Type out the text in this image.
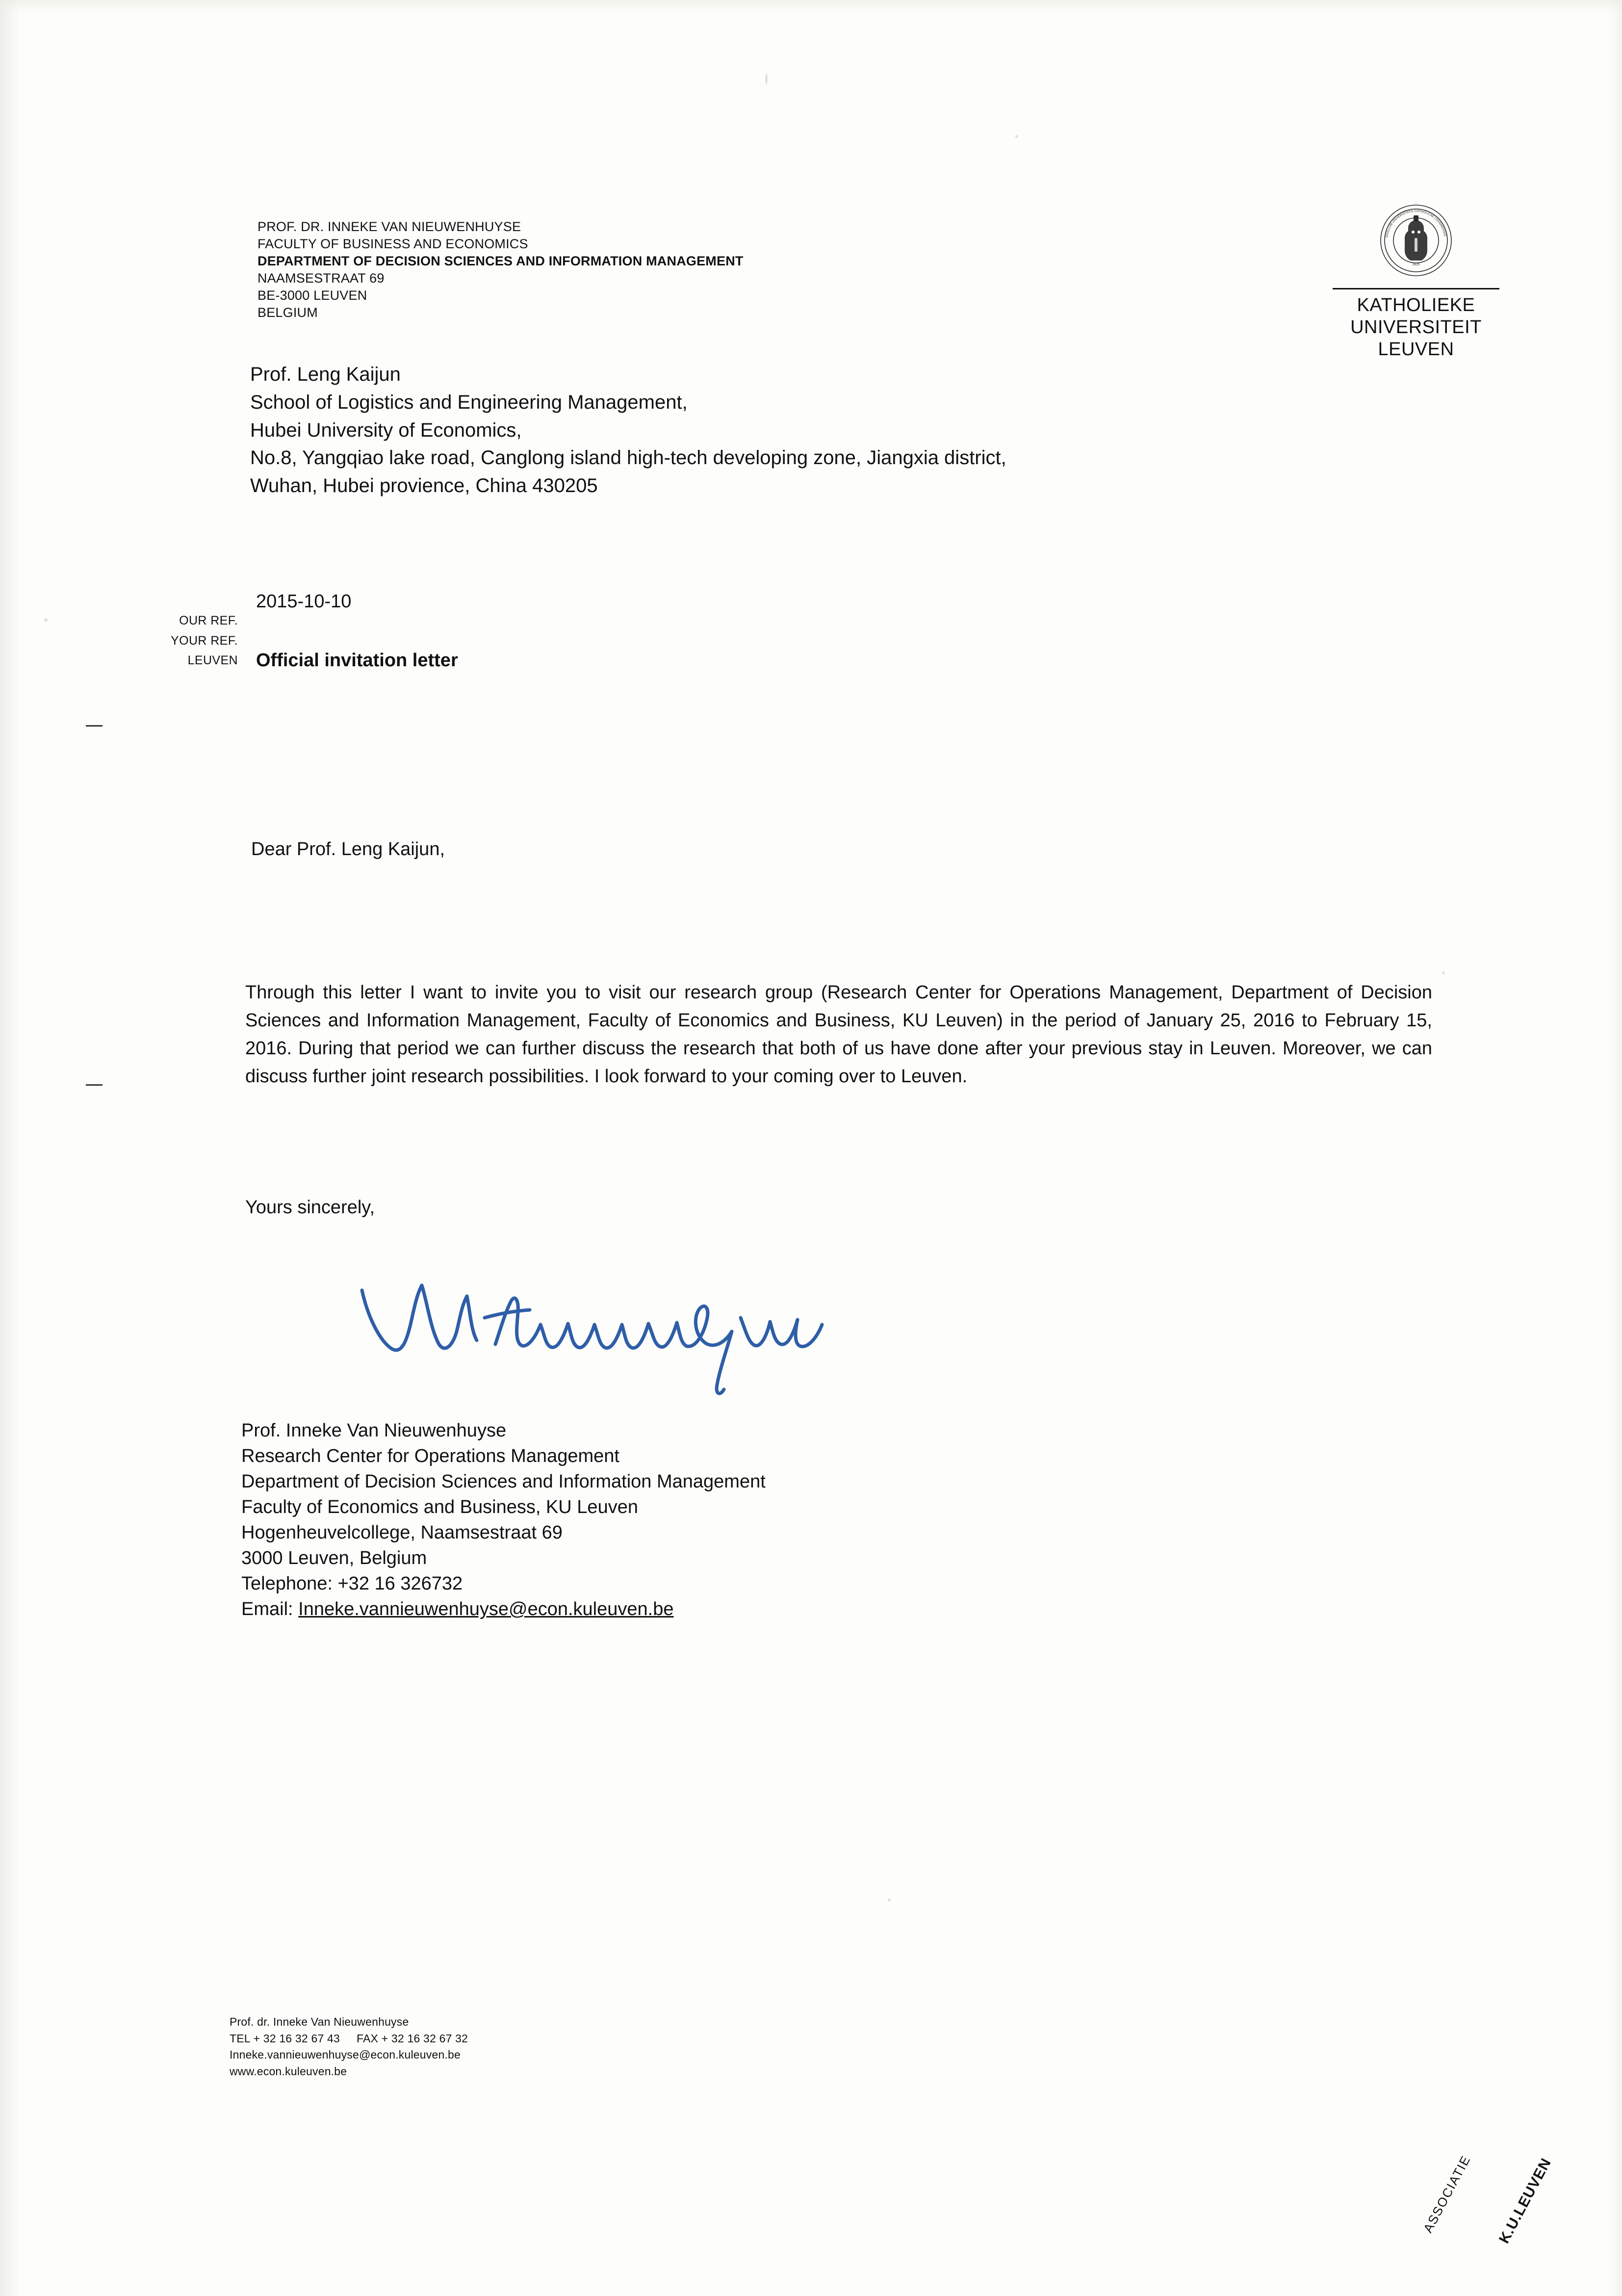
PROF. DR. INNEKE VAN NIEUWENHUYSE
FACULTY OF BUSINESS AND ECONOMICS
DEPARTMENT OF DECISION SCIENCES AND INFORMATION MANAGEMENT
NAAMSESTRAAT 69
BE-3000 LEUVEN
BELGIUM
1425
SIGILLUM UNIVERSITATIS CATHOLICAE LOVANIENSIS
KATHOLIEKE
UNIVERSITEIT
LEUVEN
Prof. Leng Kaijun
School of Logistics and Engineering Management,
Hubei University of Economics,
No.8, Yangqiao lake road, Canglong island high-tech developing zone, Jiangxia district,
Wuhan, Hubei provience, China 430205
2015-10-10
OUR REF.
YOUR REF.
LEUVEN Official invitation letter
Dear Prof. Leng Kaijun,
Through this letter I want to invite you to visit our research group (Research Center for Operations Management, Department of Decision Sciences and Information Management, Faculty of Economics and Business, KU Leuven) in the period of January 25, 2016 to February 15, 2016. During that period we can further discuss the research that both of us have done after your previous stay in Leuven. Moreover, we can discuss further joint research possibilities. I look forward to your coming over to Leuven.
Yours sincerely,
Prof. Inneke Van Nieuwenhuyse
Research Center for Operations Management
Department of Decision Sciences and Information Management
Faculty of Economics and Business, KU Leuven
Hogenheuvelcollege, Naamsestraat 69
3000 Leuven, Belgium
Telephone: +32 16 326732
Email: Inneke.vannieuwenhuyse@econ.kuleuven.be
Prof. dr. Inneke Van Nieuwenhuyse
TEL + 32 16 32 67 43 FAX + 32 16 32 67 32
Inneke.vannieuwenhuyse@econ.kuleuven.be
www.econ.kuleuven.be
ASSOCIATIE K.U.LEUVEN
